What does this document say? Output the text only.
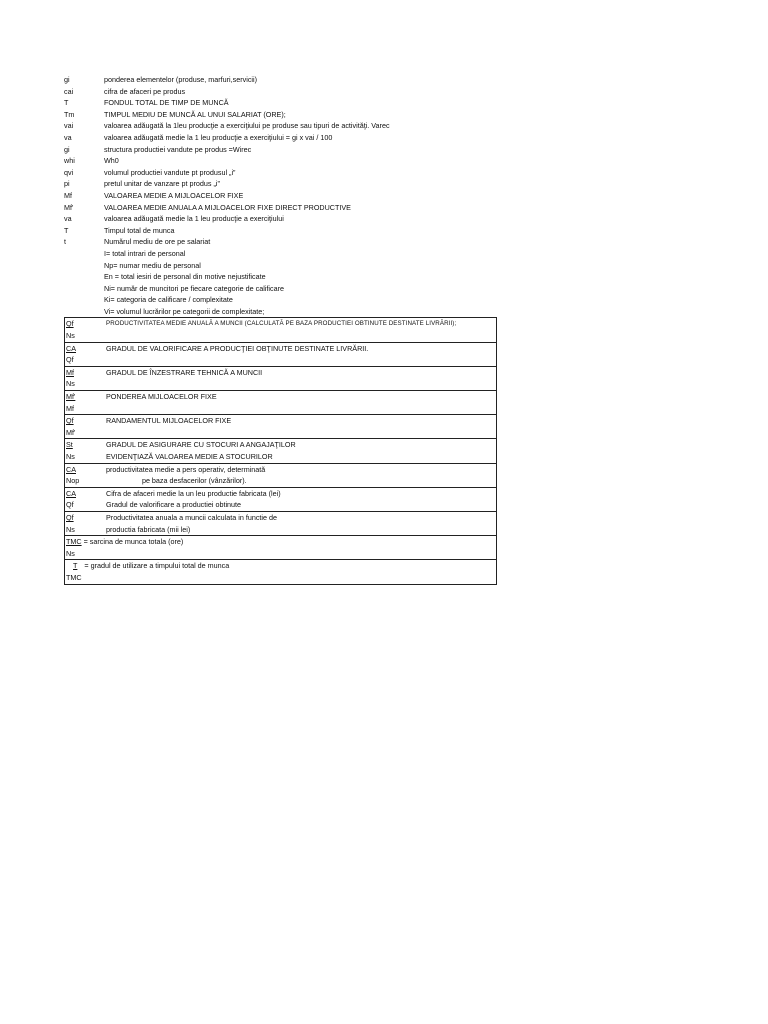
gi	ponderea elementelor (produse, marfuri,servicii)
cai	cifra de afaceri pe produs
T	FONDUL TOTAL DE TIMP DE MUNCĂ
Tm	TIMPUL MEDIU DE MUNCĂ AL UNUI SALARIAT (ORE);
vai	valoarea adăugată la 1leu producţie a exerciţiului pe produse sau tipuri de activităţi. Varec
va	valoarea adăugată medie la 1 leu producţie a exerciţiului = gi x vai / 100
gi	structura productiei vandute pe produs =Wirec
whi	Wh0
qvi	volumul productiei vandute pt produsul „i”
pi	pretul unitar de vanzare pt produs „i”
Mf	VALOAREA MEDIE A MIJLOACELOR FIXE
Mf'	VALOAREA MEDIE ANUALA A MIJLOACELOR FIXE DIRECT PRODUCTIVE
va	valoarea adăugată medie la 1 leu producţie a exerciţiului
T	Timpul total de munca
t	Numărul mediu de ore pe salariat
I= total intrari de personal
Np= numar mediu de personal
En = total iesiri de personal din motive nejustificate
Ni= număr de muncitori pe fiecare categorie de calificare
Ki= categoria de calificare / complexitate
Vi= volumul lucrărilor pe categorii de complexitate;
Qf	PRODUCTIVITATEA MEDIE ANUALĂ A MUNCII (CALCULATĂ PE BAZA PRODUCTIEI OBTINUTE DESTINATE LIVRĂRII);
Ns
CA	GRADUL DE VALORIFICARE A PRODUCŢIEI OBŢINUTE DESTINATE LIVRĂRII.
Qf
Mf	GRADUL DE ÎNZESTRARE TEHNICĂ A MUNCII
Ns
Mf'	PONDEREA MIJLOACELOR FIXE
Mf
Qf	RANDAMENTUL MIJLOACELOR FIXE
Mf'
St	GRADUL DE ASIGURARE CU STOCURI A ANGAJAŢILOR
Ns	EVIDENŢIAZĂ VALOAREA MEDIE A STOCURILOR
CA	productivitatea medie a pers operativ, determinată
Nop	pe baza desfacerilor (vânzărilor).
CA	Cifra de afaceri medie la un leu productie fabricata (lei)
Qf	Gradul de valorificare a productiei obtinute
Qf	Productivitatea anuala a muncii calculata in functie de
Ns	productia fabricata (mii lei)
TMC = sarcina de munca totala (ore)
Ns
T = gradul de utilizare a timpului total de munca
TMC
